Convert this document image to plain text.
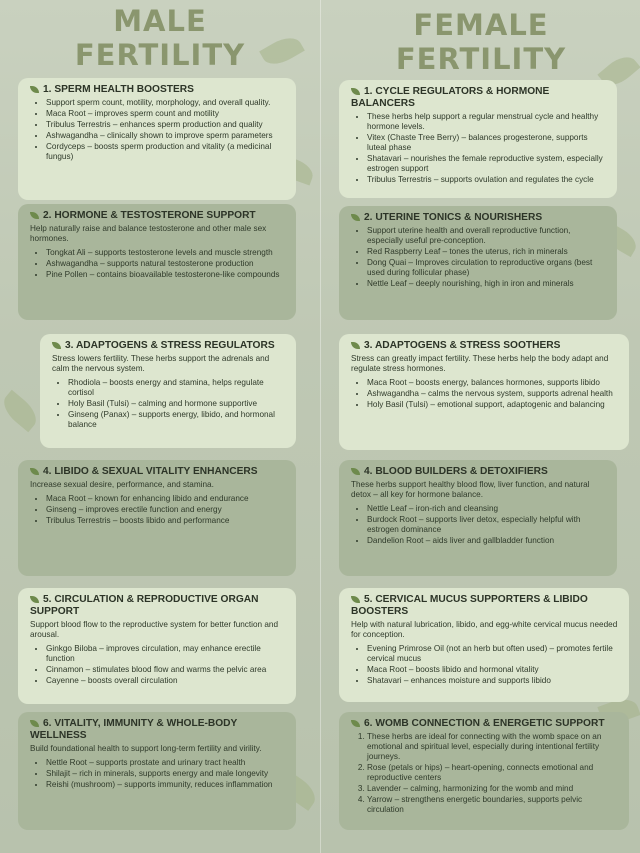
MALE
FERTILITY
1. SPERM HEALTH BOOSTERS
• Support sperm count, motility, morphology, and overall quality.
• Maca Root – improves sperm count and motility
• Tribulus Terrestris – enhances sperm production and quality
• Ashwagandha – clinically shown to improve sperm parameters
• Cordyceps – boosts sperm production and vitality (a medicinal fungus)
2. HORMONE & TESTOSTERONE SUPPORT

Help naturally raise and balance testosterone and other male sex hormones.

• Tongkat Ali – supports testosterone levels and muscle strength
• Ashwagandha – supports natural testosterone production
• Pine Pollen – contains bioavailable testosterone-like compounds
3. ADAPTOGENS & STRESS REGULATORS

Stress lowers fertility. These herbs support the adrenals and calm the nervous system.

• Rhodiola – boosts energy and stamina, helps regulate cortisol
• Holy Basil (Tulsi) – calming and hormone supportive
• Ginseng (Panax) – supports energy, libido, and hormonal balance
4. LIBIDO & SEXUAL VITALITY ENHANCERS

Increase sexual desire, performance, and stamina.

• Maca Root – known for enhancing libido and endurance
• Ginseng – improves erectile function and energy
• Tribulus Terrestris – boosts libido and performance
5. CIRCULATION & REPRODUCTIVE ORGAN SUPPORT

Support blood flow to the reproductive system for better function and arousal.

• Ginkgo Biloba – improves circulation, may enhance erectile function
• Cinnamon – stimulates blood flow and warms the pelvic area
• Cayenne – boosts overall circulation
6. VITALITY, IMMUNITY & WHOLE-BODY WELLNESS

Build foundational health to support long-term fertility and virility.

• Nettle Root – supports prostate and urinary tract health
• Shilajit – rich in minerals, supports energy and male longevity
• Reishi (mushroom) – supports immunity, reduces inflammation
FEMALE
FERTILITY
1. CYCLE REGULATORS & HORMONE BALANCERS
• These herbs help support a regular menstrual cycle and healthy hormone levels.
• Vitex (Chaste Tree Berry) – balances progesterone, supports luteal phase
• Shatavari – nourishes the female reproductive system, especially estrogen support
• Tribulus Terrestris – supports ovulation and regulates the cycle
2. UTERINE TONICS & NOURISHERS
• Support uterine health and overall reproductive function, especially useful pre-conception.
• Red Raspberry Leaf – tones the uterus, rich in minerals
• Dong Quai – Improves circulation to reproductive organs (best used during follicular phase)
• Nettle Leaf – deeply nourishing, high in iron and minerals
3. ADAPTOGENS & STRESS SOOTHERS

Stress can greatly impact fertility. These herbs help the body adapt and regulate stress hormones.

• Maca Root – boosts energy, balances hormones, supports libido
• Ashwagandha – calms the nervous system, supports adrenal health
• Holy Basil (Tulsi) – emotional support, adaptogenic and balancing
4. BLOOD BUILDERS & DETOXIFIERS

These herbs support healthy blood flow, liver function, and natural detox – all key for hormone balance.

• Nettle Leaf – iron-rich and cleansing
• Burdock Root – supports liver detox, especially helpful with estrogen dominance
• Dandelion Root – aids liver and gallbladder function
5. CERVICAL MUCUS SUPPORTERS & LIBIDO BOOSTERS

Help with natural lubrication, libido, and egg-white cervical mucus needed for conception.

• Evening Primrose Oil (not an herb but often used) – promotes fertile cervical mucus
• Maca Root – boosts libido and hormonal vitality
• Shatavari – enhances moisture and supports libido
6. WOMB CONNECTION & ENERGETIC SUPPORT
1. These herbs are ideal for connecting with the womb space on an emotional and spiritual level, especially during intentional fertility journeys.
2. Rose (petals or hips) – heart-opening, connects emotional and reproductive centers
3. Lavender – calming, harmonizing for the womb and mind
4. Yarrow – strengthens energetic boundaries, supports pelvic circulation
